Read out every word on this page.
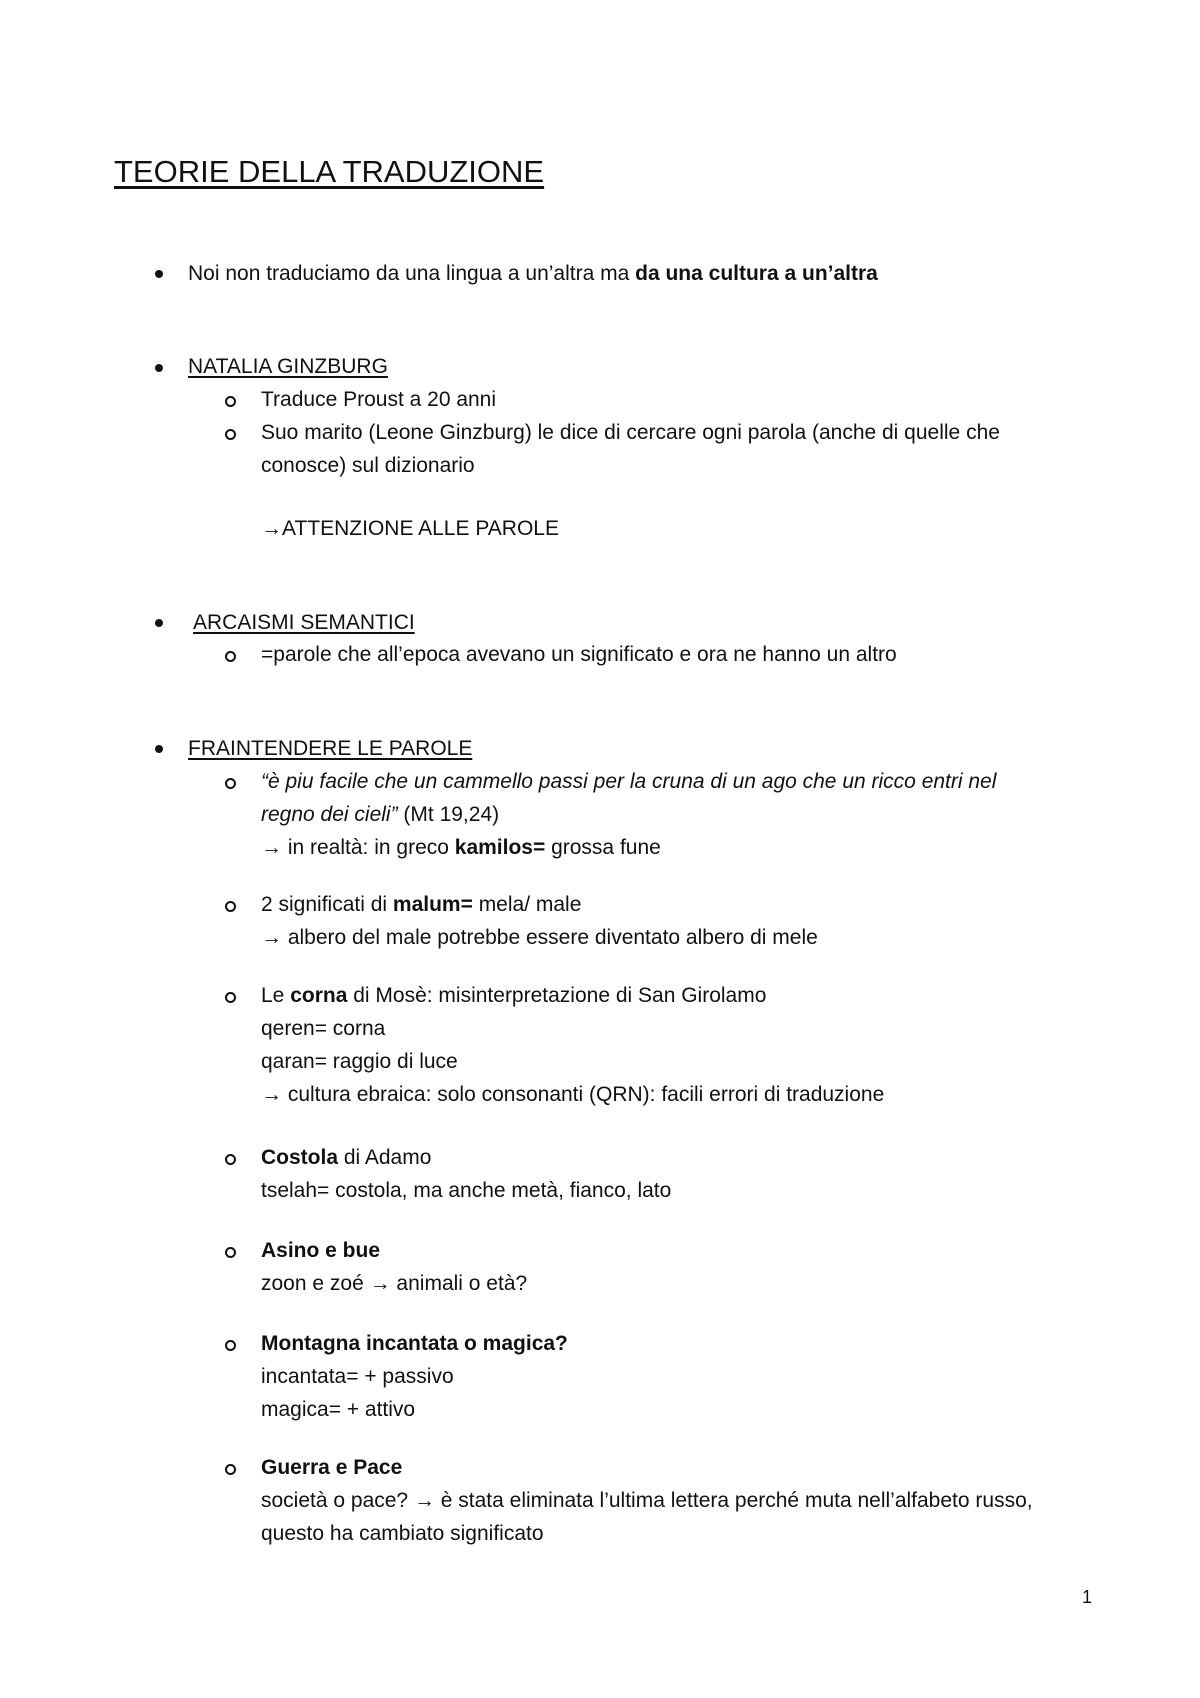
TEORIE DELLA TRADUZIONE
Noi non traduciamo da una lingua a un’altra ma da una cultura a un’altra
NATALIA GINZBURG
Traduce Proust a 20 anni
Suo marito (Leone Ginzburg) le dice di cercare ogni parola (anche di quelle che
conosce) sul dizionario
→ATTENZIONE ALLE PAROLE
ARCAISMI SEMANTICI
=parole che all’epoca avevano un significato e ora ne hanno un altro
FRAINTENDERE LE PAROLE
“è piu facile che un cammello passi per la cruna di un ago che un ricco entri nel
regno dei cieli” (Mt 19,24)
→ in realtà: in greco kamilos= grossa fune
2 significati di malum= mela/ male
→ albero del male potrebbe essere diventato albero di mele
Le corna di Mosè: misinterpretazione di San Girolamo
qeren= corna
qaran= raggio di luce
→ cultura ebraica: solo consonanti (QRN): facili errori di traduzione
Costola di Adamo
tselah= costola, ma anche metà, fianco, lato
Asino e bue
zoon e zoé → animali o età?
Montagna incantata o magica?
incantata= + passivo
magica= + attivo
Guerra e Pace
società o pace? → è stata eliminata l’ultima lettera perché muta nell’alfabeto russo,
questo ha cambiato significato
1
